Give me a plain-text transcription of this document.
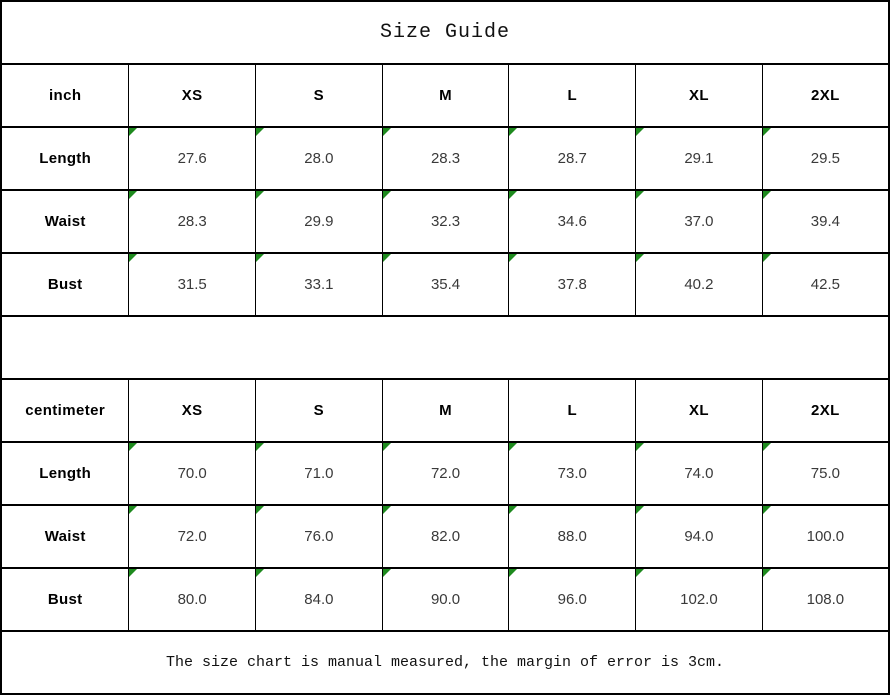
Size Guide						
inch	XS	S	M	L	XL	2XL
Length	27.6	28.0	28.3	28.7	29.1	29.5
Waist	28.3	29.9	32.3	34.6	37.0	39.4
Bust	31.5	33.1	35.4	37.8	40.2	42.5

centimeter	XS	S	M	L	XL	2XL
Length	70.0	71.0	72.0	73.0	74.0	75.0
Waist	72.0	76.0	82.0	88.0	94.0	100.0
Bust	80.0	84.0	90.0	96.0	102.0	108.0
The size chart is manual measured, the margin of error is 3cm.						
